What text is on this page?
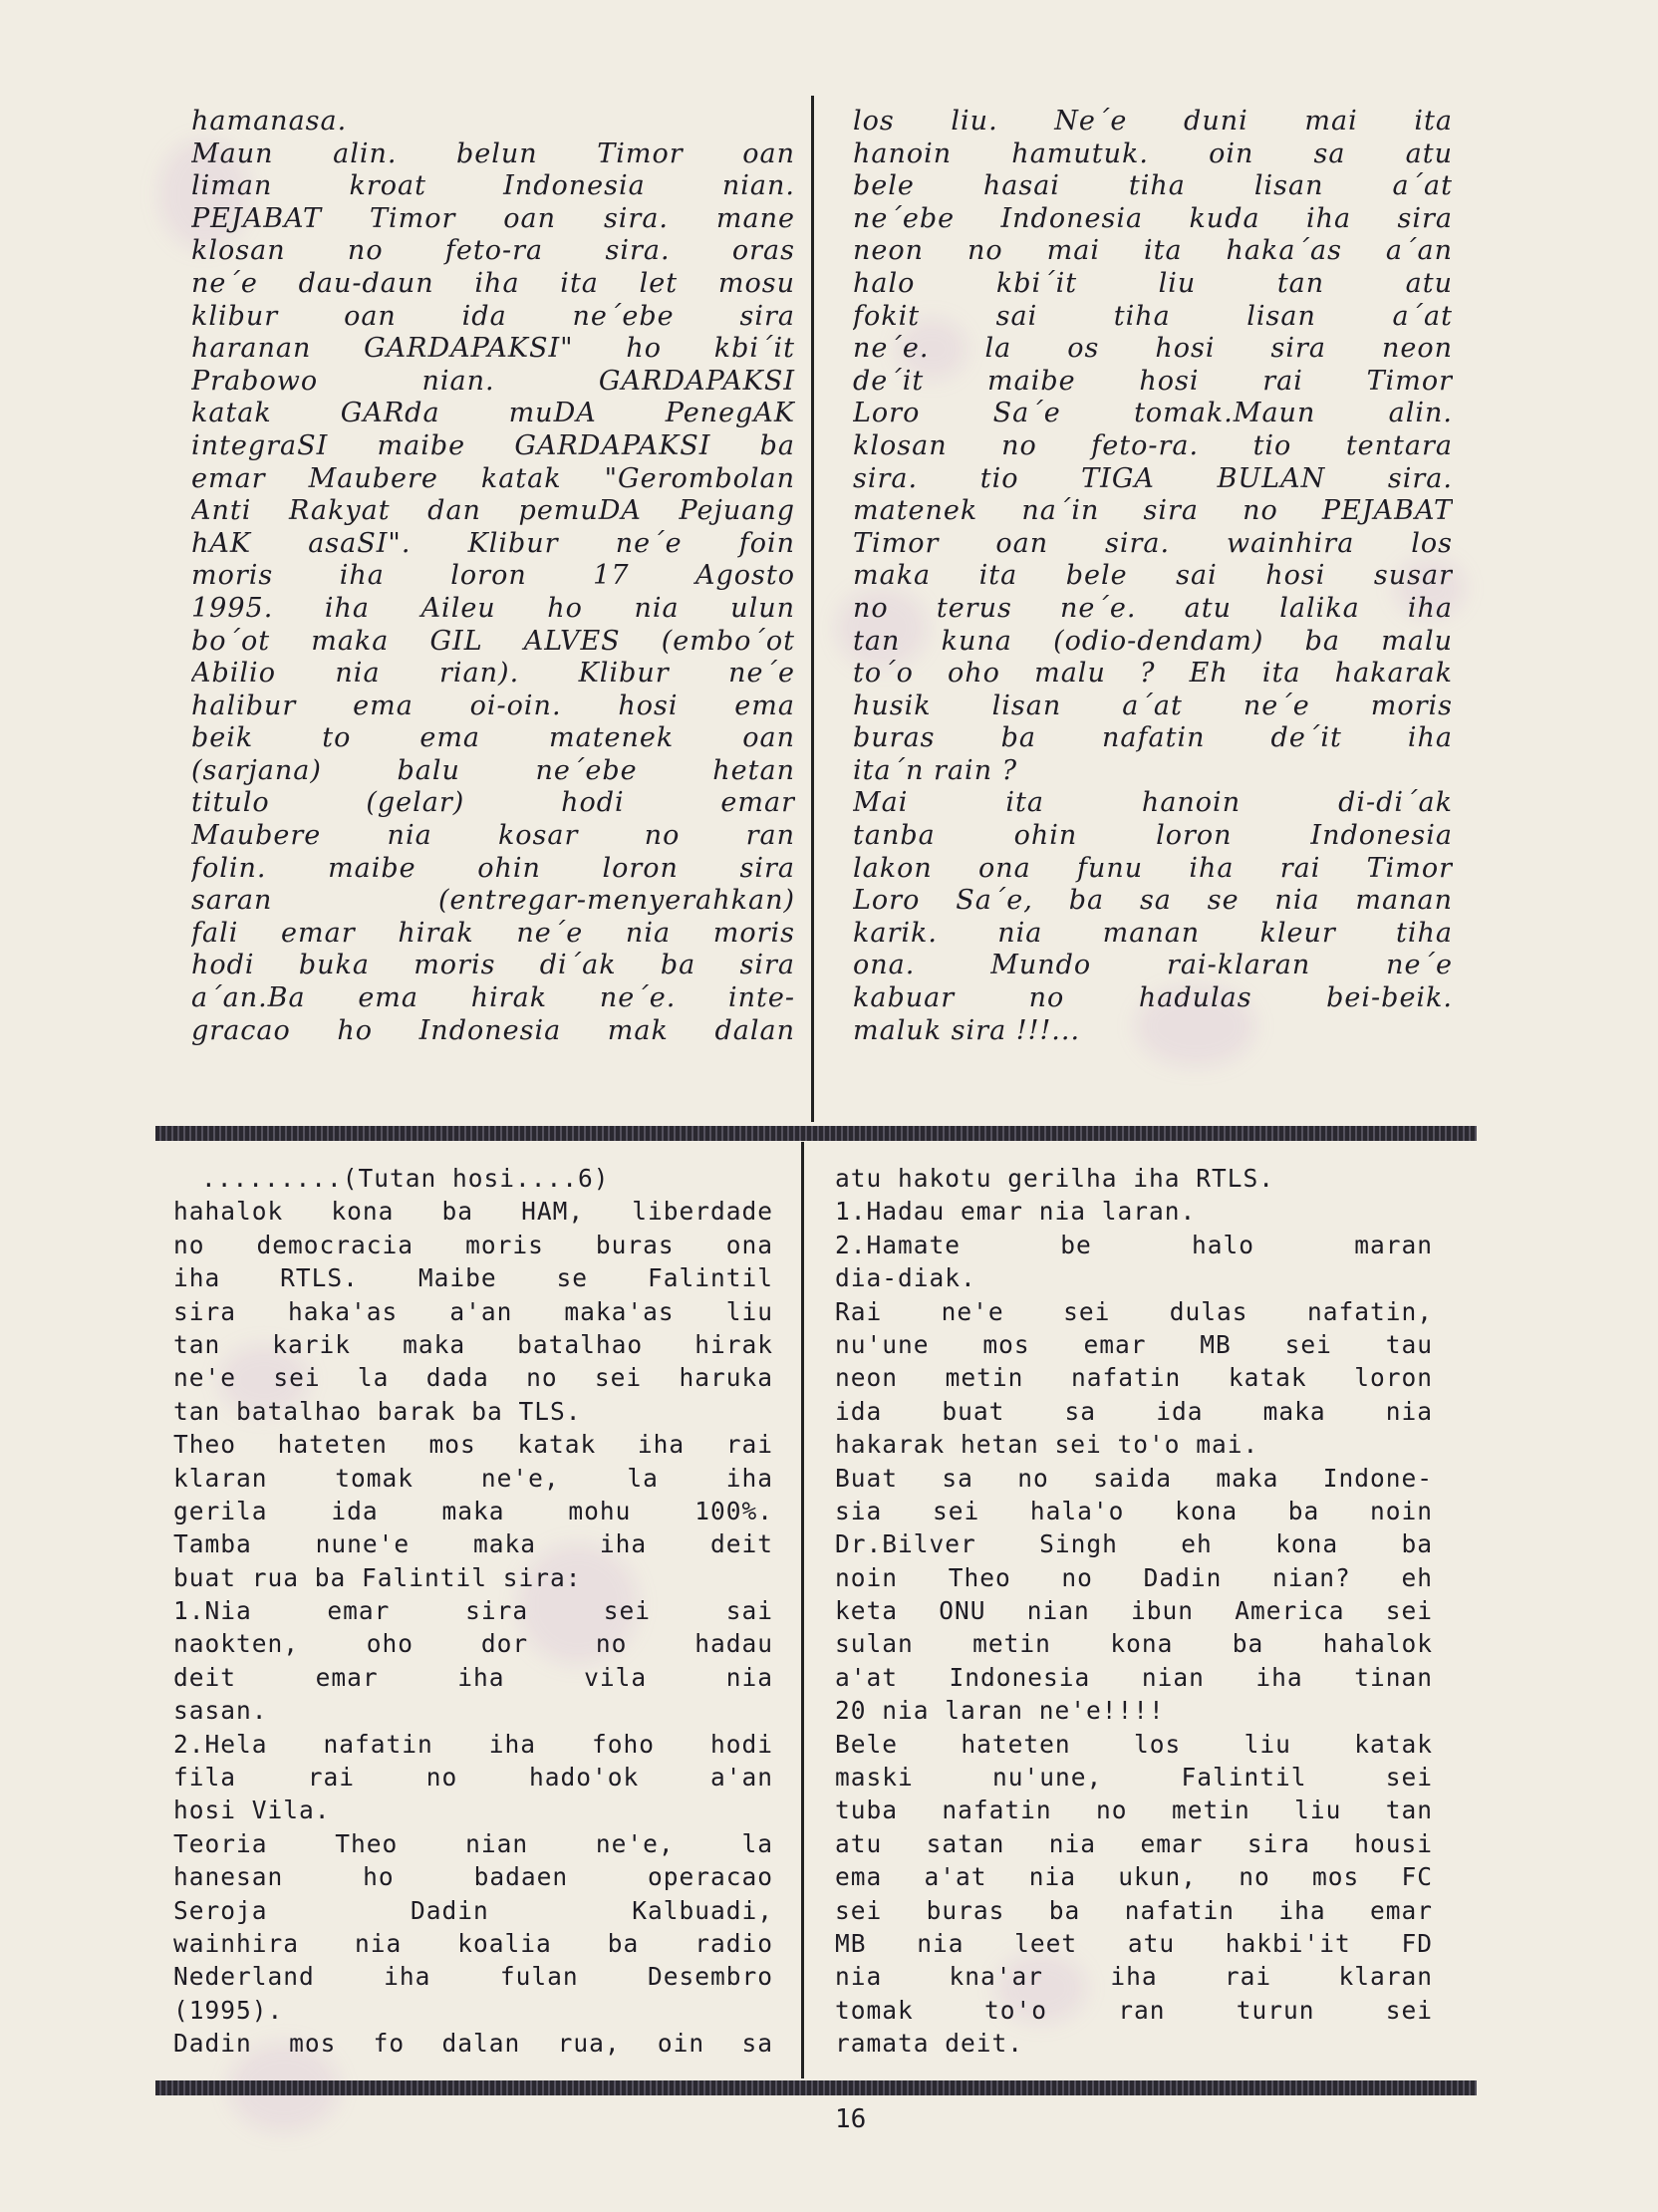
hamanasa.

Maun alin. belun Timor oan

liman kroat Indonesia nian.

PEJABAT Timor oan sira. mane

klosan no feto-ra sira. oras

ne´e dau-daun iha ita let mosu

klibur oan ida ne´ebe sira

haranan GARDAPAKSI" ho kbi´it

Prabowo nian. GARDAPAKSI

katak GARda muDA PenegAK

integraSI maibe GARDAPAKSI ba

emar Maubere katak "Gerombolan

Anti Rakyat dan pemuDA Pejuang

hAK asaSI". Klibur ne´e foin

moris iha loron 17 Agosto

1995. iha Aileu ho nia ulun

bo´ot maka GIL ALVES (embo´ot

Abilio nia rian). Klibur ne´e

halibur ema oi-oin. hosi ema

beik to ema matenek oan

(sarjana) balu ne´ebe hetan

titulo (gelar) hodi emar

Maubere nia kosar no ran

folin. maibe ohin loron sira

saran (entregar-menyerahkan)

fali emar hirak ne´e nia moris

hodi buka moris di´ak ba sira

a´an.Ba ema hirak ne´e. inte-

gracao ho Indonesia mak dalan

los liu. Ne´e duni mai ita

hanoin hamutuk. oin sa atu

bele hasai tiha lisan a´at

ne´ebe Indonesia kuda iha sira

neon no mai ita haka´as a´an

halo kbi´it liu tan atu

fokit sai tiha lisan a´at

ne´e. la os hosi sira neon

de´it maibe hosi rai Timor

Loro Sa´e tomak.Maun alin.

klosan no feto-ra. tio tentara

sira. tio TIGA BULAN sira.

matenek na´in sira no PEJABAT

Timor oan sira. wainhira los

maka ita bele sai hosi susar

no terus ne´e. atu lalika iha

tan kuna (odio-dendam) ba malu

to´o oho malu ? Eh ita hakarak

husik lisan a´at ne´e moris

buras ba nafatin de´it iha

ita´n rain ?

Mai ita hanoin di-di´ak

tanba ohin loron Indonesia

lakon ona funu iha rai Timor

Loro Sa´e, ba sa se nia manan

karik. nia manan kleur tiha

ona. Mundo rai-klaran ne´e

kabuar no hadulas bei-beik.

maluk sira !!!...

.........(Tutan hosi....6)

hahalok kona ba HAM, liberdade

no democracia moris buras ona

iha RTLS. Maibe se Falintil

sira haka'as a'an maka'as liu

tan karik maka batalhao hirak

ne'e sei la dada no sei haruka

tan batalhao barak ba TLS.

Theo hateten mos katak iha rai

klaran tomak ne'e, la iha

gerila ida maka mohu 100%.

Tamba nune'e maka iha deit

buat rua ba Falintil sira:

1.Nia emar sira sei sai

naokten, oho dor no hadau

deit emar iha vila nia

sasan.

2.Hela nafatin iha foho hodi

fila rai no hado'ok a'an

hosi Vila.

Teoria Theo nian ne'e, la

hanesan ho badaen operacao

Seroja Dadin Kalbuadi,

wainhira nia koalia ba radio

Nederland iha fulan Desembro

(1995).

Dadin mos fo dalan rua, oin sa

atu hakotu gerilha iha RTLS.

1.Hadau emar nia laran.

2.Hamate be halo maran

dia-diak.

Rai ne'e sei dulas nafatin,

nu'une mos emar MB sei tau

neon metin nafatin katak loron

ida buat sa ida maka nia

hakarak hetan sei to'o mai.

Buat sa no saida maka Indone-

sia sei hala'o kona ba noin

Dr.Bilver Singh eh kona ba

noin Theo no Dadin nian? eh

keta ONU nian ibun America sei

sulan metin kona ba hahalok

a'at Indonesia nian iha tinan

20 nia laran ne'e!!!!

Bele hateten los liu katak

maski nu'une, Falintil sei

tuba nafatin no metin liu tan

atu satan nia emar sira housi

ema a'at nia ukun, no mos FC

sei buras ba nafatin iha emar

MB nia leet atu hakbi'it FD

nia kna'ar iha rai klaran

tomak to'o ran turun sei

ramata deit.

16
